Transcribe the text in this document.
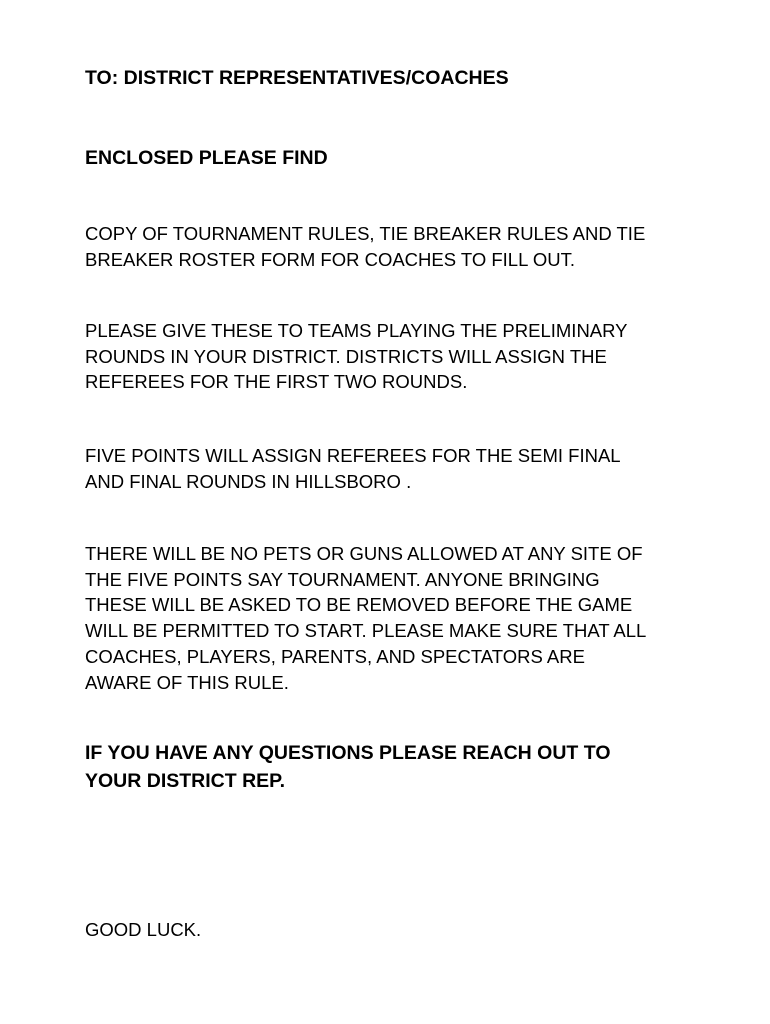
TO: DISTRICT REPRESENTATIVES/COACHES
ENCLOSED PLEASE FIND
COPY OF TOURNAMENT RULES, TIE BREAKER RULES AND TIE
BREAKER ROSTER FORM FOR COACHES TO FILL OUT.
PLEASE GIVE THESE TO TEAMS PLAYING THE PRELIMINARY
ROUNDS IN YOUR DISTRICT. DISTRICTS WILL ASSIGN THE
REFEREES FOR THE FIRST TWO ROUNDS.
FIVE POINTS WILL ASSIGN REFEREES FOR THE SEMI FINAL
AND FINAL ROUNDS IN HILLSBORO .
THERE WILL BE NO PETS OR GUNS ALLOWED AT ANY SITE OF
THE FIVE POINTS SAY TOURNAMENT. ANYONE BRINGING
THESE WILL BE ASKED TO BE REMOVED BEFORE THE GAME
WILL BE PERMITTED TO START. PLEASE MAKE SURE THAT ALL
COACHES, PLAYERS, PARENTS, AND SPECTATORS ARE
AWARE OF THIS RULE.
IF YOU HAVE ANY QUESTIONS PLEASE REACH OUT TO
YOUR DISTRICT REP.
GOOD LUCK.
